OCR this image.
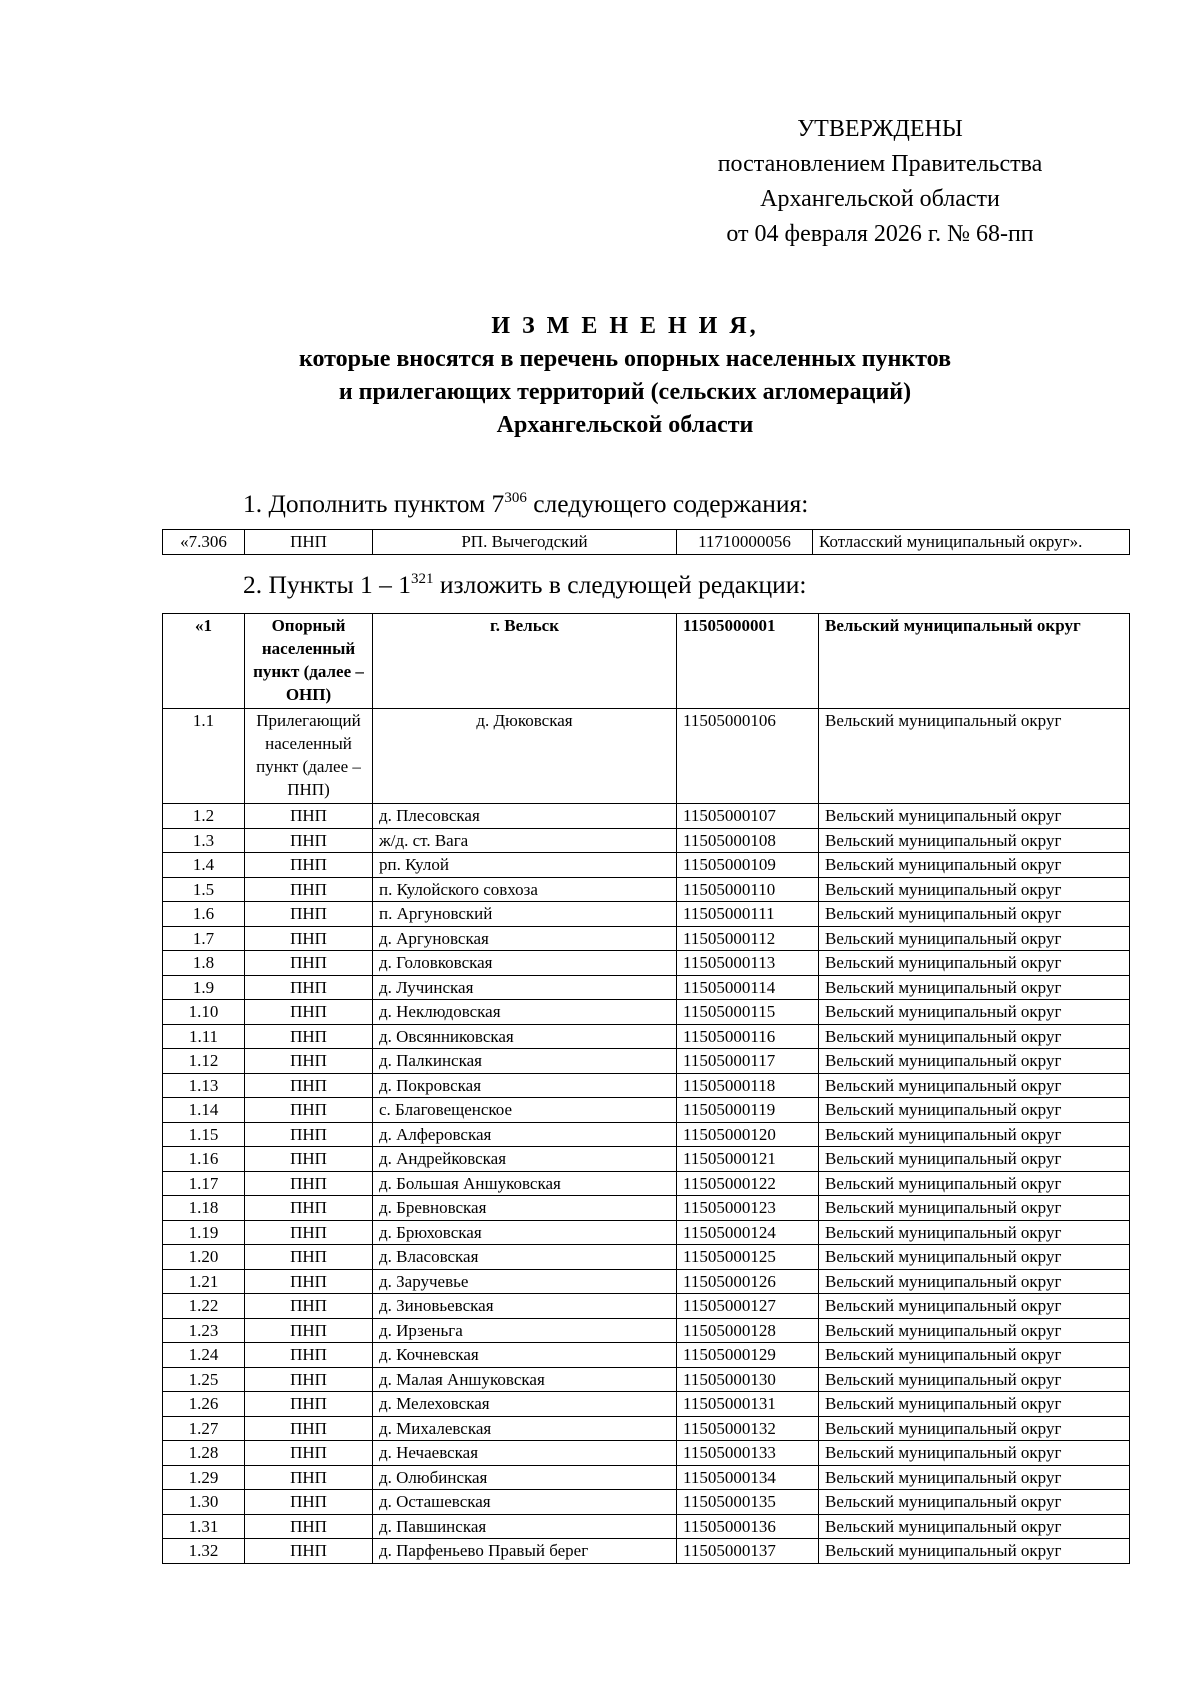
УТВЕРЖДЕНЫ
постановлением Правительства
Архангельской области
от 04 февраля 2026 г. № 68-пп
И З М Е Н Е Н И Я,
которые вносятся в перечень опорных населенных пунктов
и прилегающих территорий (сельских агломераций)
Архангельской области
1. Дополнить пунктом $7^{306}$ следующего содержания:
«7.306	ПНП	РП. Вычегодский	11710000056	Котласский муниципальный округ».
2. Пункты $1 - 1^{321}$ изложить в следующей редакции:
«1	Опорный населенный пункт (далее – ОНП)	г. Вельск	11505000001	Вельский муниципальный округ
1.1	Прилегающий населенный пункт (далее – ПНП)	д. Дюковская	11505000106	Вельский муниципальный округ
1.2	ПНП	д. Плесовская	11505000107	Вельский муниципальный округ
1.3	ПНП	ж/д. ст. Вага	11505000108	Вельский муниципальный округ
1.4	ПНП	рп. Кулой	11505000109	Вельский муниципальный округ
1.5	ПНП	п. Кулойского совхоза	11505000110	Вельский муниципальный округ
1.6	ПНП	п. Аргуновский	11505000111	Вельский муниципальный округ
1.7	ПНП	д. Аргуновская	11505000112	Вельский муниципальный округ
1.8	ПНП	д. Головковская	11505000113	Вельский муниципальный округ
1.9	ПНП	д. Лучинская	11505000114	Вельский муниципальный округ
1.10	ПНП	д. Неклюдовская	11505000115	Вельский муниципальный округ
1.11	ПНП	д. Овсянниковская	11505000116	Вельский муниципальный округ
1.12	ПНП	д. Палкинская	11505000117	Вельский муниципальный округ
1.13	ПНП	д. Покровская	11505000118	Вельский муниципальный округ
1.14	ПНП	с. Благовещенское	11505000119	Вельский муниципальный округ
1.15	ПНП	д. Алферовская	11505000120	Вельский муниципальный округ
1.16	ПНП	д. Андрейковская	11505000121	Вельский муниципальный округ
1.17	ПНП	д. Большая Аншуковская	11505000122	Вельский муниципальный округ
1.18	ПНП	д. Бревновская	11505000123	Вельский муниципальный округ
1.19	ПНП	д. Брюховская	11505000124	Вельский муниципальный округ
1.20	ПНП	д. Власовская	11505000125	Вельский муниципальный округ
1.21	ПНП	д. Заручевье	11505000126	Вельский муниципальный округ
1.22	ПНП	д. Зиновьевская	11505000127	Вельский муниципальный округ
1.23	ПНП	д. Ирзеньга	11505000128	Вельский муниципальный округ
1.24	ПНП	д. Кочневская	11505000129	Вельский муниципальный округ
1.25	ПНП	д. Малая Аншуковская	11505000130	Вельский муниципальный округ
1.26	ПНП	д. Мелеховская	11505000131	Вельский муниципальный округ
1.27	ПНП	д. Михалевская	11505000132	Вельский муниципальный округ
1.28	ПНП	д. Нечаевская	11505000133	Вельский муниципальный округ
1.29	ПНП	д. Олюбинская	11505000134	Вельский муниципальный округ
1.30	ПНП	д. Осташевская	11505000135	Вельский муниципальный округ
1.31	ПНП	д. Павшинская	11505000136	Вельский муниципальный округ
1.32	ПНП	д. Парфеньево Правый берег	11505000137	Вельский муниципальный округ
